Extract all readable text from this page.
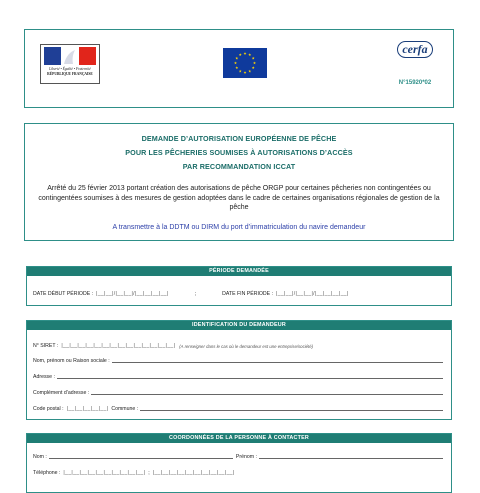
Liberté • Égalité • Fraternité
RÉPUBLIQUE FRANÇAISE
cerfa
N°15920*02
DEMANDE D’AUTORISATION EUROPÉENNE DE PÊCHE
POUR LES PÊCHERIES SOUMISES À AUTORISATIONS D’ACCÈS
PAR RECOMMANDATION ICCAT
Arrêté du 25 février 2013 portant création des autorisations de pêche ORGP pour certaines pêcheries non contingentées ou contingentées soumises à des mesures de gestion adoptées dans le cadre de certaines organisations régionales de gestion de la pêche
A transmettre à la DDTM ou DIRM du port d’immatriculation du navire demandeur
PÉRIODE DEMANDÉE
DATE DÉBUT PÉRIODE : |__|__|/|__|__|/|__|__|__|__|	;	DATE FIN PÉRIODE : |__|__|/|__|__|/|__|__|__|__|
IDENTIFICATION DU DEMANDEUR
N° SIRET : |__|__|__|__|__|__|__|__|__|__|__|__|__|__| (A renseigner dans le cas où le demandeur est une entreprise/société)
Nom, prénom ou Raison sociale :
Adresse :
Complément d’adresse :
Code postal : |__|__|__|__|__| Commune :
COORDONNÉES DE LA PERSONNE À CONTACTER
Nom :	Prénom :
Téléphone : |__|__|__|__|__|__|__|__|__|__| ; |__|__|__|__|__|__|__|__|__|__|
